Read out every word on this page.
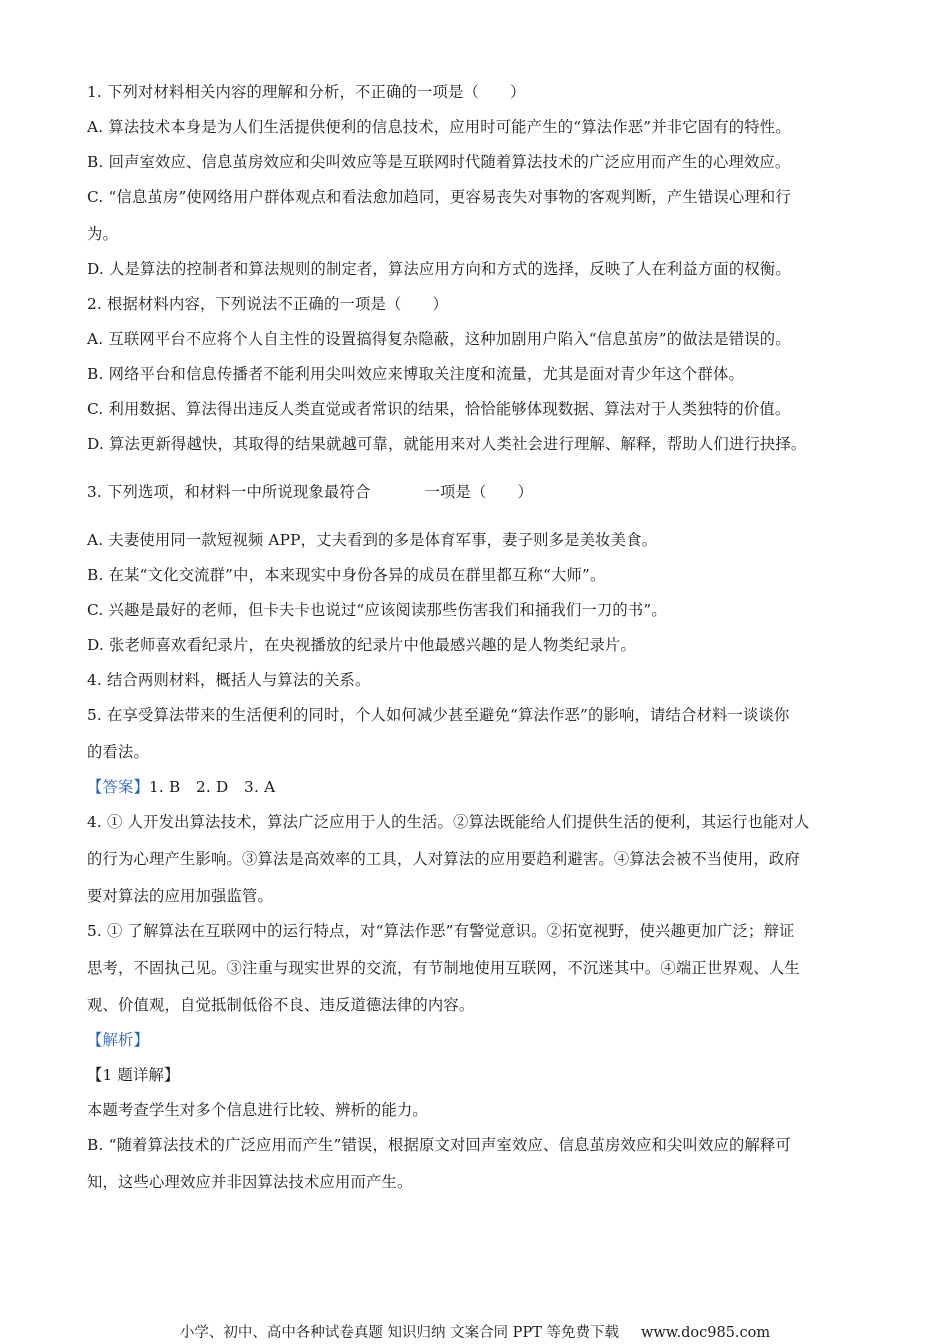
1. 下列对材料相关内容的理解和分析，不正确的一项是（　　）
A. 算法技术本身是为人们生活提供便利的信息技术，应用时可能产生的“算法作恶”并非它固有的特性。
B. 回声室效应、信息茧房效应和尖叫效应等是互联网时代随着算法技术的广泛应用而产生的心理效应。
C. “信息茧房”使网络用户群体观点和看法愈加趋同，更容易丧失对事物的客观判断，产生错误心理和行
为。
D. 人是算法的控制者和算法规则的制定者，算法应用方向和方式的选择，反映了人在利益方面的权衡。
2. 根据材料内容，下列说法不正确的一项是（　　）
A. 互联网平台不应将个人自主性的设置搞得复杂隐蔽，这种加剧用户陷入“信息茧房”的做法是错误的。
B. 网络平台和信息传播者不能利用尖叫效应来博取关注度和流量，尤其是面对青少年这个群体。
C. 利用数据、算法得出违反人类直觉或者常识的结果，恰恰能够体现数据、算法对于人类独特的价值。
D. 算法更新得越快，其取得的结果就越可靠，就能用来对人类社会进行理解、解释，帮助人们进行抉择。
3. 下列选项，和材料一中所说现象最符合	一项是（　　）
A. 夫妻使用同一款短视频 APP，丈夫看到的多是体育军事，妻子则多是美妆美食。
B. 在某“文化交流群”中，本来现实中身份各异的成员在群里都互称“大师”。
C. 兴趣是最好的老师，但卡夫卡也说过“应该阅读那些伤害我们和捅我们一刀的书”。
D. 张老师喜欢看纪录片，在央视播放的纪录片中他最感兴趣的是人物类纪录片。
4. 结合两则材料，概括人与算法的关系。
5. 在享受算法带来的生活便利的同时，个人如何减少甚至避免“算法作恶”的影响，请结合材料一谈谈你
的看法。
【答案】1. B　2. D　3. A
4. ① 人开发出算法技术，算法广泛应用于人的生活。②算法既能给人们提供生活的便利，其运行也能对人
的行为心理产生影响。③算法是高效率的工具，人对算法的应用要趋利避害。④算法会被不当使用，政府
要对算法的应用加强监管。
5. ① 了解算法在互联网中的运行特点，对“算法作恶”有警觉意识。②拓宽视野，使兴趣更加广泛；辩证
思考，不固执己见。③注重与现实世界的交流，有节制地使用互联网，不沉迷其中。④端正世界观、人生
观、价值观，自觉抵制低俗不良、违反道德法律的内容。
【解析】
【1 题详解】
本题考查学生对多个信息进行比较、辨析的能力。
B. “随着算法技术的广泛应用而产生”错误，根据原文对回声室效应、信息茧房效应和尖叫效应的解释可
知，这些心理效应并非因算法技术应用而产生。
小学、初中、高中各种试卷真题 知识归纳 文案合同 PPT 等免费下载 www.doc985.com
